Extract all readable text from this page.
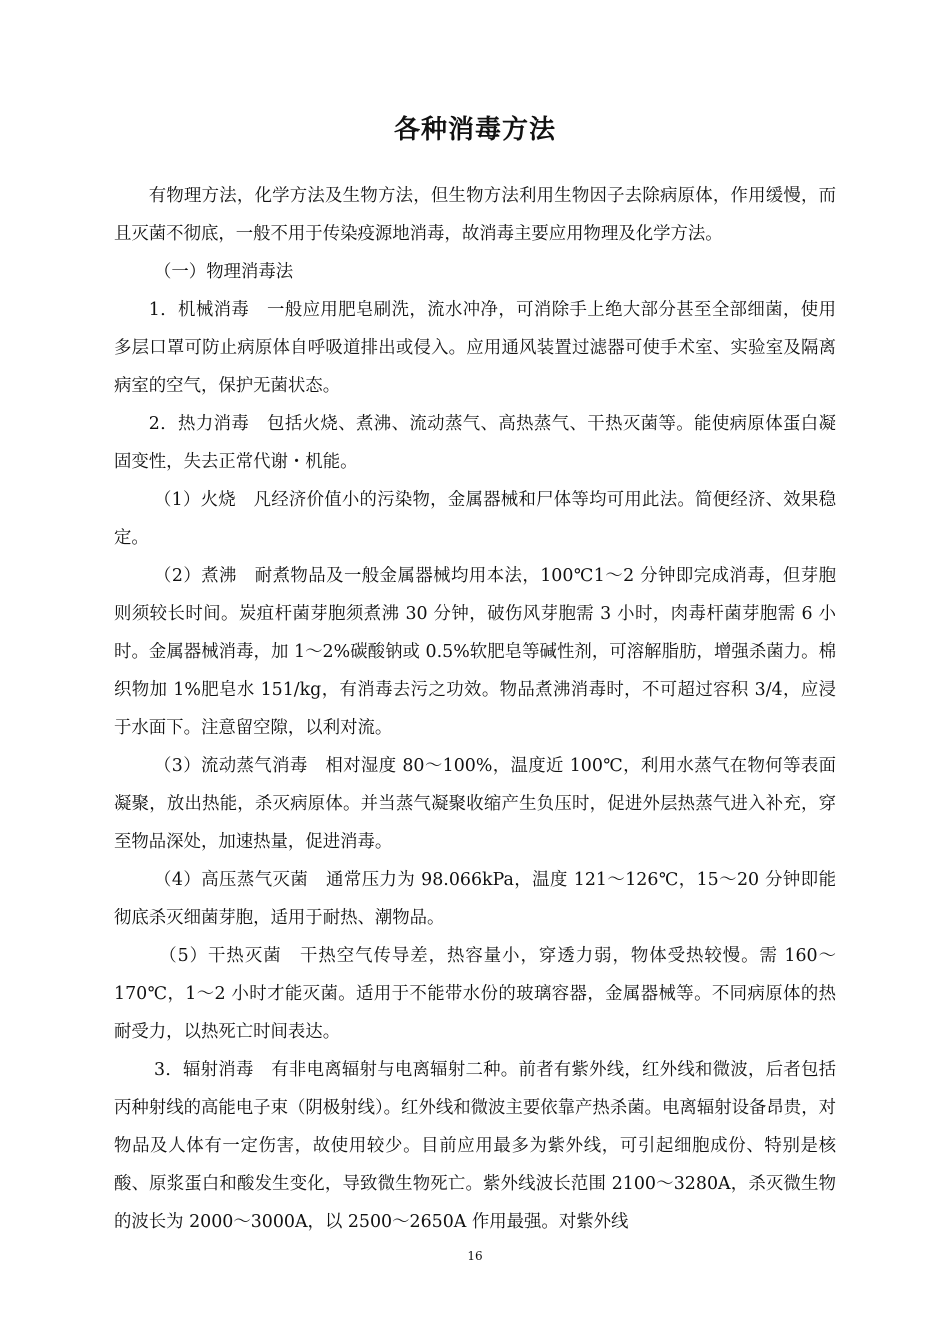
各种消毒方法

有物理方法，化学方法及生物方法，但生物方法利用生物因子去除病原体，作用缓慢，而且灭菌不彻底，一般不用于传染疫源地消毒，故消毒主要应用物理及化学方法。

（一）物理消毒法

1．机械消毒　一般应用肥皂刷洗，流水冲净，可消除手上绝大部分甚至全部细菌，使用多层口罩可防止病原体自呼吸道排出或侵入。应用通风装置过滤器可使手术室、实验室及隔离病室的空气，保护无菌状态。

2．热力消毒　包括火烧、煮沸、流动蒸气、高热蒸气、干热灭菌等。能使病原体蛋白凝固变性，失去正常代谢・机能。

（1）火烧　凡经济价值小的污染物，金属器械和尸体等均可用此法。简便经济、效果稳定。

（2）煮沸　耐煮物品及一般金属器械均用本法，100℃1～2 分钟即完成消毒，但芽胞则须较长时间。炭疽杆菌芽胞须煮沸 30 分钟，破伤风芽胞需 3 小时，肉毒杆菌芽胞需 6 小时。金属器械消毒，加 1～2%碳酸钠或 0.5%软肥皂等碱性剂，可溶解脂肪，增强杀菌力。棉织物加 1%肥皂水 151/kg，有消毒去污之功效。物品煮沸消毒时，不可超过容积 3/4，应浸于水面下。注意留空隙，以利对流。

（3）流动蒸气消毒　相对湿度 80～100%，温度近 100℃，利用水蒸气在物何等表面凝聚，放出热能，杀灭病原体。并当蒸气凝聚收缩产生负压时，促进外层热蒸气进入补充，穿至物品深处，加速热量，促进消毒。

（4）高压蒸气灭菌　通常压力为 98.066kPa，温度 121～126℃，15～20 分钟即能彻底杀灭细菌芽胞，适用于耐热、潮物品。

（5）干热灭菌　干热空气传导差，热容量小，穿透力弱，物体受热较慢。需 160～170℃，1～2 小时才能灭菌。适用于不能带水份的玻璃容器，金属器械等。不同病原体的热耐受力，以热死亡时间表达。

3．辐射消毒　有非电离辐射与电离辐射二种。前者有紫外线，红外线和微波，后者包括丙种射线的高能电子束（阴极射线）。红外线和微波主要依靠产热杀菌。电离辐射设备昂贵，对物品及人体有一定伤害，故使用较少。目前应用最多为紫外线，可引起细胞成份、特别是核酸、原浆蛋白和酸发生变化，导致微生物死亡。紫外线波长范围 2100～3280A，杀灭微生物的波长为 2000～3000A，以 2500～2650A 作用最强。对紫外线

16
